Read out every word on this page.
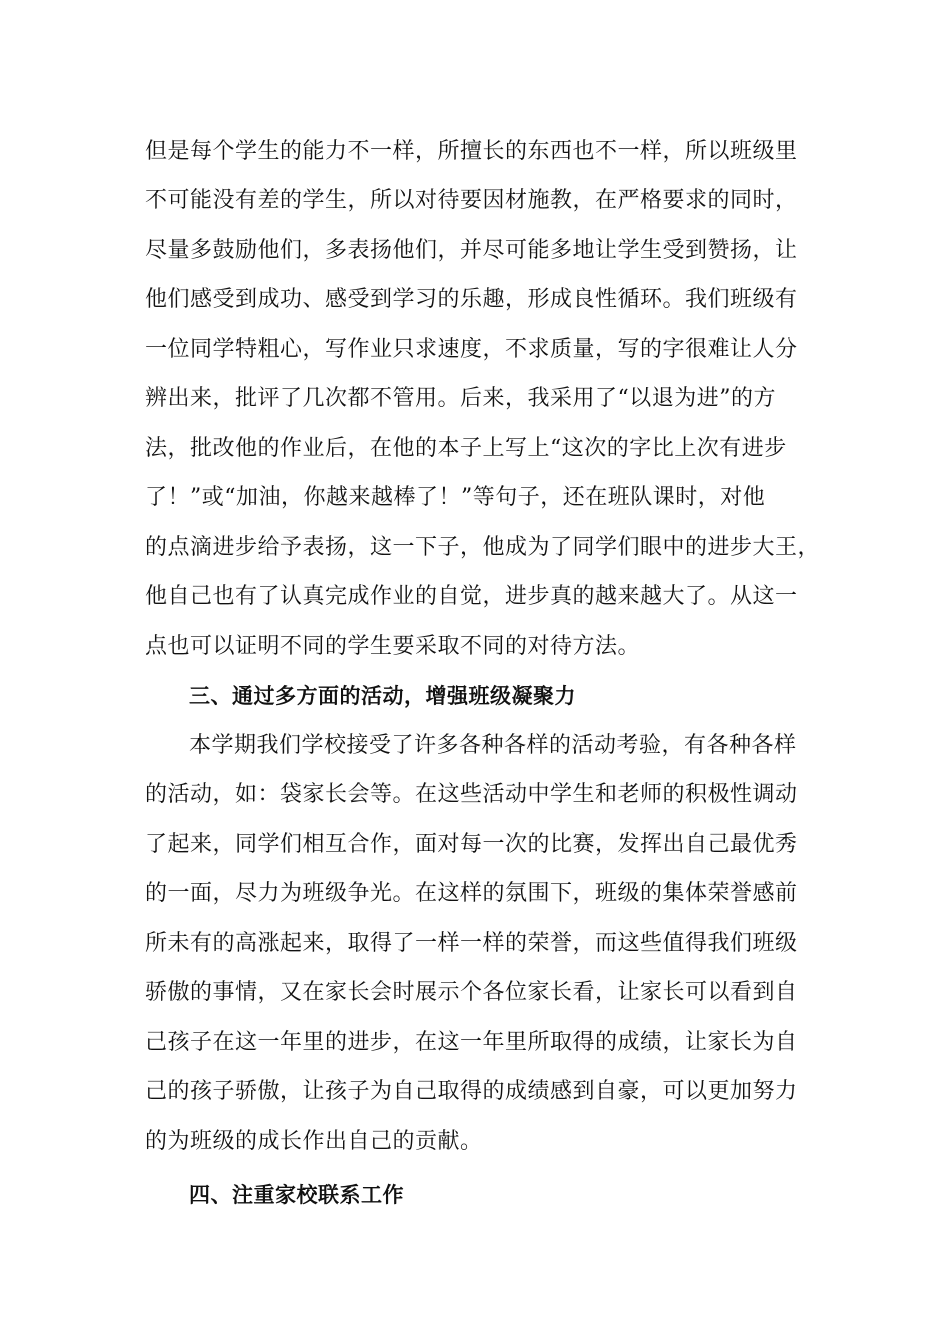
但是每个学生的能力不一样，所擅长的东西也不一样，所以班级里
不可能没有差的学生，所以对待要因材施教，在严格要求的同时，
尽量多鼓励他们，多表扬他们，并尽可能多地让学生受到赞扬，让
他们感受到成功、感受到学习的乐趣，形成良性循环。我们班级有
一位同学特粗心，写作业只求速度，不求质量，写的字很难让人分
辨出来，批评了几次都不管用。后来，我采用了“以退为进”的方
法，批改他的作业后，在他的本子上写上“这次的字比上次有进步
了！”或“加油，你越来越棒了！”等句子，还在班队课时，对他
的点滴进步给予表扬，这一下子，他成为了同学们眼中的进步大王，
他自己也有了认真完成作业的自觉，进步真的越来越大了。从这一
点也可以证明不同的学生要采取不同的对待方法。
三、通过多方面的活动，增强班级凝聚力
本学期我们学校接受了许多各种各样的活动考验，有各种各样
的活动，如：袋家长会等。在这些活动中学生和老师的积极性调动
了起来，同学们相互合作，面对每一次的比赛，发挥出自己最优秀
的一面，尽力为班级争光。在这样的氛围下，班级的集体荣誉感前
所未有的高涨起来，取得了一样一样的荣誉，而这些值得我们班级
骄傲的事情，又在家长会时展示个各位家长看，让家长可以看到自
己孩子在这一年里的进步，在这一年里所取得的成绩，让家长为自
己的孩子骄傲，让孩子为自己取得的成绩感到自豪，可以更加努力
的为班级的成长作出自己的贡献。
四、注重家校联系工作
